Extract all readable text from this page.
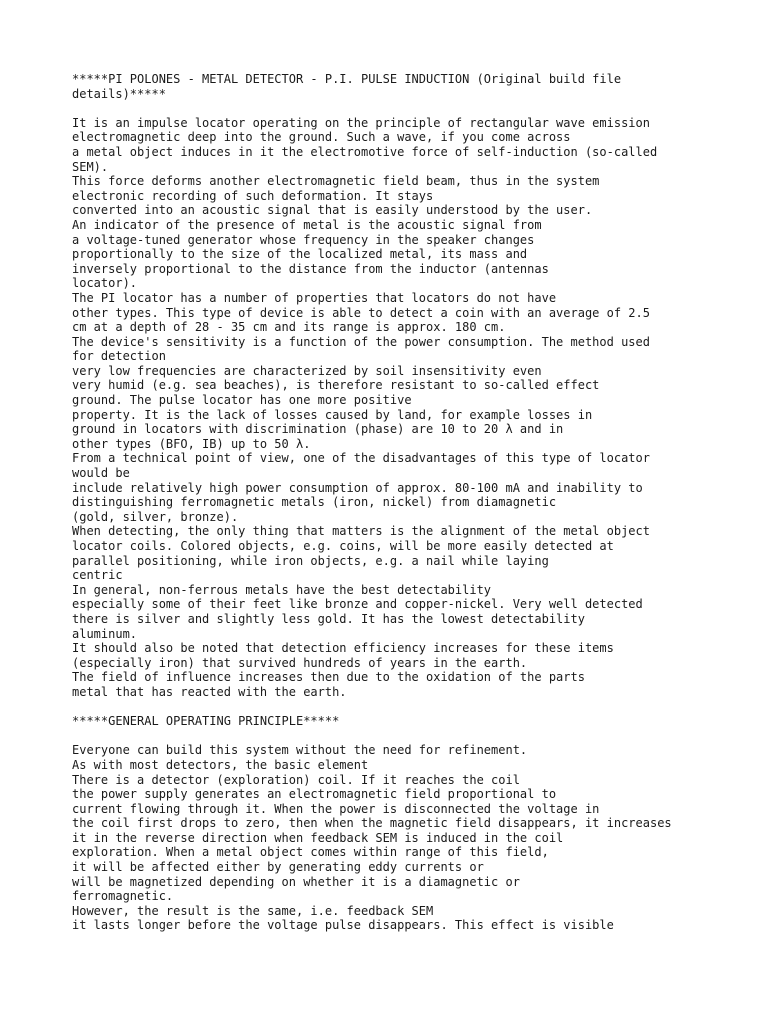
*****PI POLONES - METAL DETECTOR - P.I. PULSE INDUCTION (Original build file
details)*****
It is an impulse locator operating on the principle of rectangular wave emission
electromagnetic deep into the ground. Such a wave, if you come across
a metal object induces in it the electromotive force of self-induction (so-called
SEM).
This force deforms another electromagnetic field beam, thus in the system
electronic recording of such deformation. It stays
converted into an acoustic signal that is easily understood by the user.
An indicator of the presence of metal is the acoustic signal from
a voltage-tuned generator whose frequency in the speaker changes
proportionally to the size of the localized metal, its mass and
inversely proportional to the distance from the inductor (antennas
locator).
The PI locator has a number of properties that locators do not have
other types. This type of device is able to detect a coin with an average of 2.5
cm at a depth of 28 - 35 cm and its range is approx. 180 cm.
The device's sensitivity is a function of the power consumption. The method used
for detection
very low frequencies are characterized by soil insensitivity even
very humid (e.g. sea beaches), is therefore resistant to so-called effect
ground. The pulse locator has one more positive
property. It is the lack of losses caused by land, for example losses in
ground in locators with discrimination (phase) are 10 to 20 λ and in
other types (BFO, IB) up to 50 λ.
From a technical point of view, one of the disadvantages of this type of locator
would be
include relatively high power consumption of approx. 80-100 mA and inability to
distinguishing ferromagnetic metals (iron, nickel) from diamagnetic
(gold, silver, bronze).
When detecting, the only thing that matters is the alignment of the metal object
locator coils. Colored objects, e.g. coins, will be more easily detected at
parallel positioning, while iron objects, e.g. a nail while laying
centric
In general, non-ferrous metals have the best detectability
especially some of their feet like bronze and copper-nickel. Very well detected
there is silver and slightly less gold. It has the lowest detectability
aluminum.
It should also be noted that detection efficiency increases for these items
(especially iron) that survived hundreds of years in the earth.
The field of influence increases then due to the oxidation of the parts
metal that has reacted with the earth.
*****GENERAL OPERATING PRINCIPLE*****
Everyone can build this system without the need for refinement.
As with most detectors, the basic element
There is a detector (exploration) coil. If it reaches the coil
the power supply generates an electromagnetic field proportional to
current flowing through it. When the power is disconnected the voltage in
the coil first drops to zero, then when the magnetic field disappears, it increases
it in the reverse direction when feedback SEM is induced in the coil
exploration. When a metal object comes within range of this field,
it will be affected either by generating eddy currents or
will be magnetized depending on whether it is a diamagnetic or
ferromagnetic.
However, the result is the same, i.e. feedback SEM
it lasts longer before the voltage pulse disappears. This effect is visible
